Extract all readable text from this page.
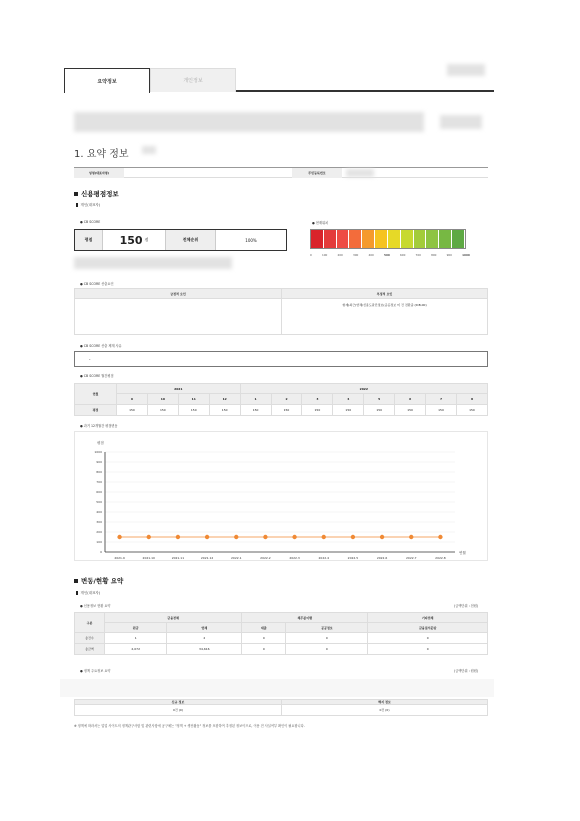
요약정보	개인정보
1. 요약 정보
성명(대표자명)	주민등록번호
신용평점정보
개인(대표자)
● CB SCORE	● 현재위치
평점	150 점	전체순위	100%
0	100	200	300	400	500	600	700	800	900	1000
● CB SCORE 산출요인
긍정적 요인	부정적 요인
	현재(최근)연체/신용도판단정보(공공정보 미 건 전환중 (ICB,00)
● CB SCORE 산출 제계 사유
-
● CB SCORE 월간평점
연월	2021				2022							
	9	10	11	12	1	2	3	4	5	6	7	8
평점	150	150	150	150	150	150	150	150	150	150	150	150
● 과거 12개월간 평점변동
0
100
200
300
400
500
600
700
800
900
1000
평점
연월
2021.9	2021.10	2021.11	2021.12	2022.1	2022.2	2022.3	2022.4	2022.5	2022.6	2022.7	2022.8
변동/현황 요약
개인(대표자)
● 신용정보 현황 요약	(금액단위 : 천원)
구분	금융전체		채무불이행		기타전체
	원금	연체	대출	공공정보	금융질서문란
총건수	1	2	0	0	0
총금액	2,072	34,616	0	0	0
● 정책 주요정보 요약	(금액단위 : 원원)
신규 정보	해지 정보
0건 (0)	0건 (0)
※ 정책에 따라서는 업업 사이트의 정책관구사항 및 관련사항에 공구체는 "정책 + 생산활동" 정보를 포함하여 추정된 정보이므로, 이용 전 사실여부 확인이 필요합니다.
